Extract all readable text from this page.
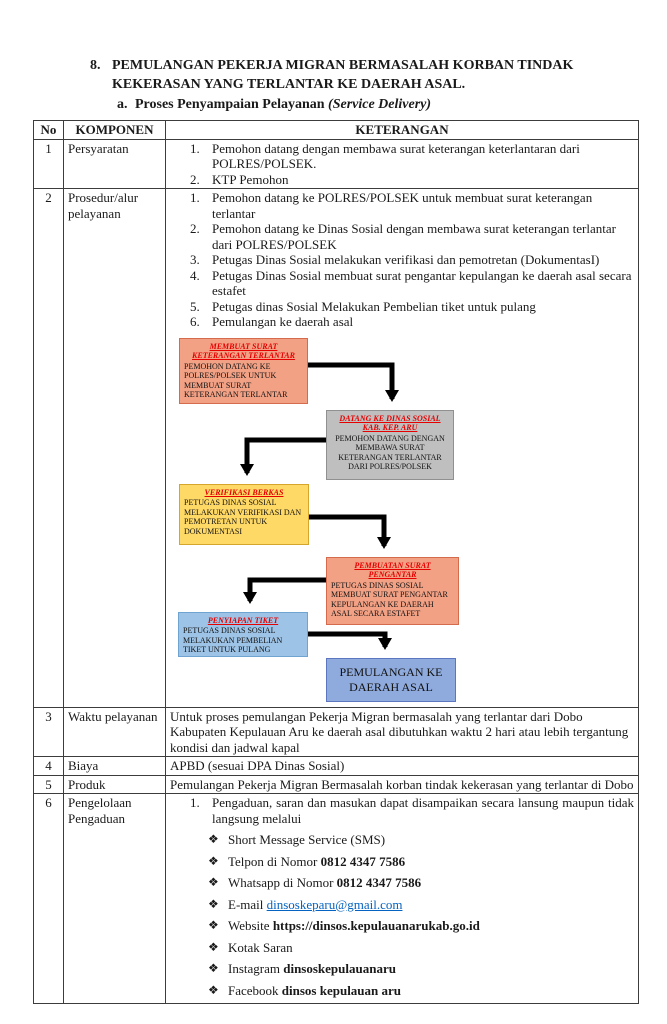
8. PEMULANGAN PEKERJA MIGRAN BERMASALAH KORBAN TINDAK
KEKERASAN YANG TERLANTAR KE DAERAH ASAL.
a. Proses Penyampaian Pelayanan (Service Delivery)
No	KOMPONEN	KETERANGAN
1	Persyaratan	1. Pemohon datang dengan membawa surat keterangan keterlantaran dari POLRES/POLSEK.
2. KTP Pemohon

2	Prosedur/alur pelayanan	
1. Pemohon datang ke POLRES/POLSEK untuk membuat surat keterangan terlantar
2. Pemohon datang ke Dinas Sosial dengan membawa surat keterangan terlantar dari POLRES/POLSEK
3. Petugas Dinas Sosial melakukan verifikasi dan pemotretan (DokumentasI)
4. Petugas Dinas Sosial membuat surat pengantar kepulangan ke daerah asal secara estafet
5. Petugas dinas Sosial Melakukan Pembelian tiket untuk pulang
6. Pemulangan ke daerah asal
MEMBUAT SURAT KETERANGAN TERLANTAR
PEMOHON DATANG KE POLRES/POLSEK UNTUK MEMBUAT SURAT KETERANGAN TERLANTAR
DATANG KE DINAS SOSIAL KAB. KEP. ARU
PEMOHON DATANG DENGAN MEMBAWA SURAT KETERANGAN TERLANTAR DARI POLRES/POLSEK
VERIFIKASI BERKAS
PETUGAS DINAS SOSIAL MELAKUKAN VERIFIKASI DAN PEMOTRETAN UNTUK DOKUMENTASI
PEMBUATAN SURAT PENGANTAR
PETUGAS DINAS SOSIAL MEMBUAT SURAT PENGANTAR KEPULANGAN KE DAERAH ASAL SECARA ESTAFET
PENYIAPAN TIKET
PETUGAS DINAS SOSIAL MELAKUKAN PEMBELIAN TIKET UNTUK PULANG
PEMULANGAN KE DAERAH ASAL

3	Waktu pelayanan	Untuk proses pemulangan Pekerja Migran bermasalah yang terlantar dari Dobo Kabupaten Kepulauan Aru ke daerah asal dibutuhkan waktu 2 hari atau lebih tergantung kondisi dan jadwal kapal
4	Biaya	APBD (sesuai DPA Dinas Sosial)
5	Produk	Pemulangan Pekerja Migran Bermasalah korban tindak kekerasan yang terlantar di Dobo
6	Pengelolaan Pengaduan	
1. Pengaduan, saran dan masukan dapat disampaikan secara lansung maupun tidak langsung melalui
❖ Short Message Service (SMS)
❖ Telpon di Nomor 0812 4347 7586
❖ Whatsapp di Nomor 0812 4347 7586
❖ E-mail dinsoskeparu@gmail.com
❖ Website https://dinsos.kepulauanarukab.go.id
❖ Kotak Saran
❖ Instagram dinsoskepulauanaru
❖ Facebook dinsos kepulauan aru
